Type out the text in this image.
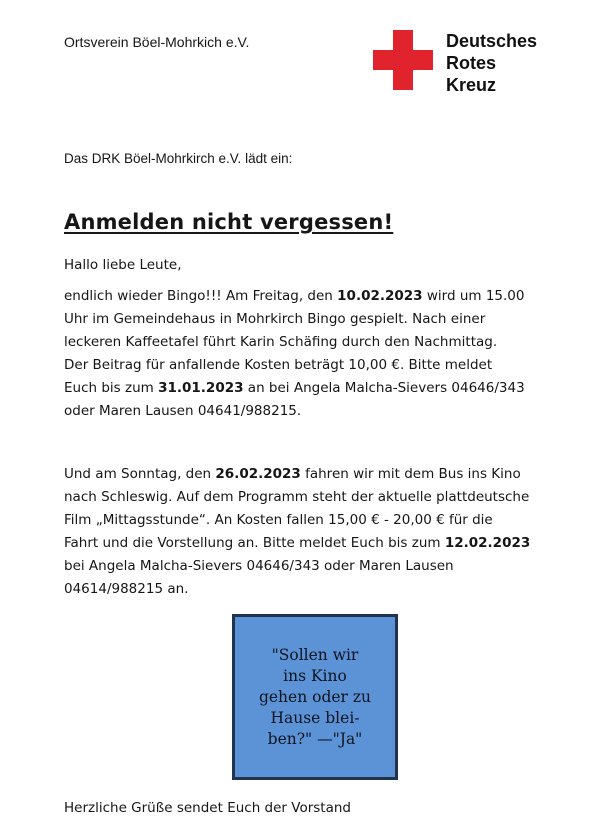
Ortsverein Böel-Mohrkich e.V.	Deutsches
Rotes
Kreuz
Das DRK Böel-Mohrkirch e.V. lädt ein:
Anmelden nicht vergessen!
Hallo liebe Leute,
endlich wieder Bingo!!! Am Freitag, den 10.02.2023 wird um 15.00
Uhr im Gemeindehaus in Mohrkirch Bingo gespielt. Nach einer
leckeren Kaffeetafel führt Karin Schäfing durch den Nachmittag.
Der Beitrag für anfallende Kosten beträgt 10,00 €. Bitte meldet
Euch bis zum 31.01.2023 an bei Angela Malcha-Sievers 04646/343
oder Maren Lausen 04641/988215.
Und am Sonntag, den 26.02.2023 fahren wir mit dem Bus ins Kino
nach Schleswig. Auf dem Programm steht der aktuelle plattdeutsche
Film „Mittagsstunde“. An Kosten fallen 15,00 € - 20,00 € für die
Fahrt und die Vorstellung an. Bitte meldet Euch bis zum 12.02.2023
bei Angela Malcha-Sievers 04646/343 oder Maren Lausen
04614/988215 an.
"Sollen wir
ins Kino
gehen oder zu
Hause blei-
ben?" —"Ja"
Herzliche Grüße sendet Euch der Vorstand
